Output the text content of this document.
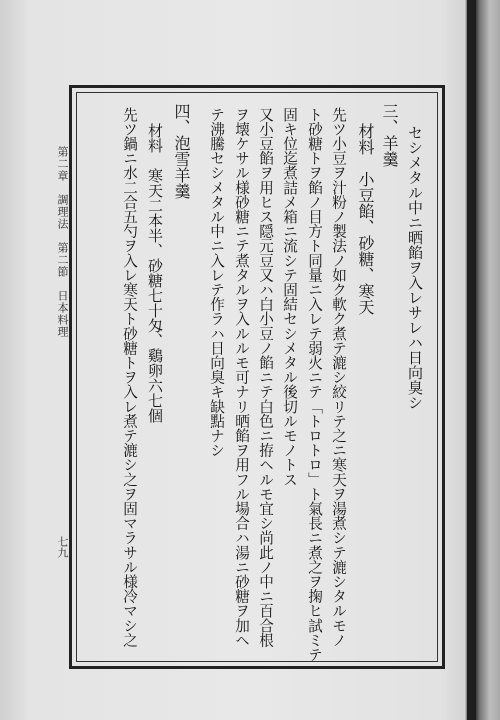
第二章　調理法　第二節　日本料理
七九
セシメタル中ニ晒餡ヲ入レサレハ日向臭シ
三、羊羹
材料　小豆餡、砂糖、寒天
先ツ小豆ヲ汁粉ノ製法ノ如ク軟ク煮テ漉シ絞リテ之ニ寒天ヲ湯煮シテ漉シタルモノ
ト砂糖トヲ餡ノ目方ト同量ニ入レテ弱火ニテ「トロトロ」ト氣長ニ煮之ヲ掬ヒ試ミテ
固キ位迄煮詰メ箱ニ流シテ固結セシメタル後切ルモノトス
又小豆餡ヲ用ヒス隠元豆又ハ白小豆ノ餡ニテ白色ニ拵ヘルモ宜シ尚此ノ中ニ百合根
ヲ壊ケサル様砂糖ニテ煮タルヲ入ルルモ可ナリ晒餡ヲ用フル場合ハ湯ニ砂糖ヲ加ヘ
テ沸騰セシメタル中ニ入レテ作ラハ日向臭キ缺點ナシ
四、泡雪羊羹
材料　寒天二本半、砂糖七十匁、鷄卵六七個
先ツ鍋ニ水二合五勺ヲ入レ寒天ト砂糖トヲ入レ煮テ漉シ之ヲ固マラサル様冷マシ之
